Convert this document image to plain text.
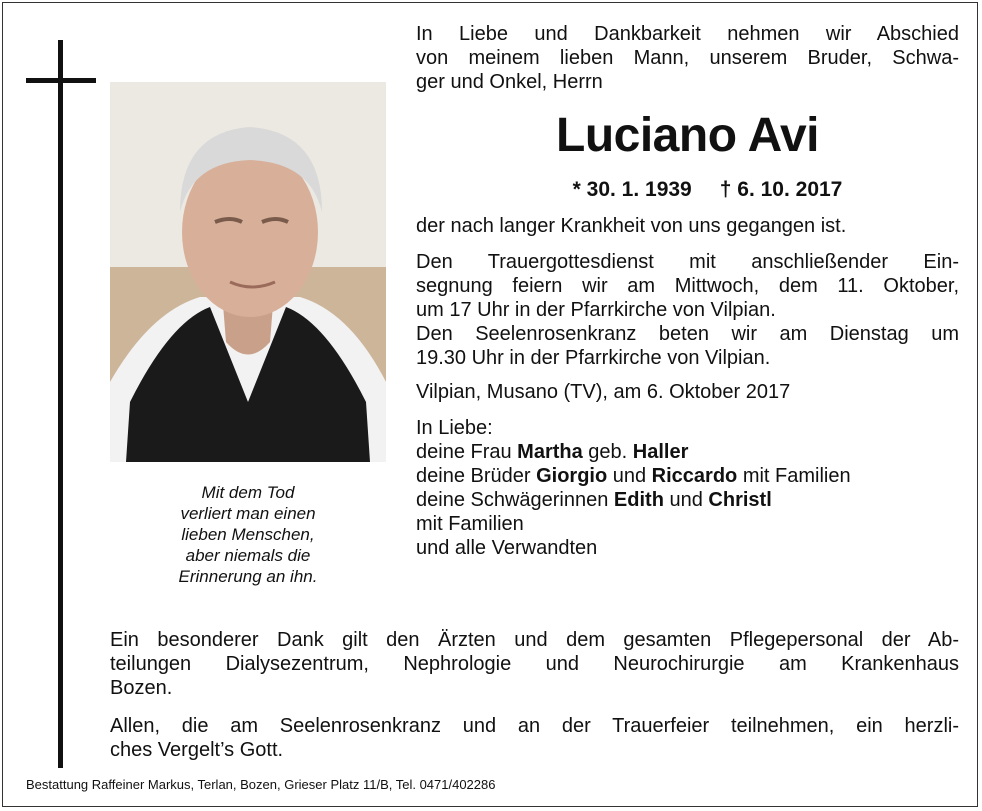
Mit dem Tod
verliert man einen
lieben Menschen,
aber niemals die
Erinnerung an ihn.
In Liebe und Dankbarkeit nehmen wir Abschied
von meinem lieben Mann, unserem Bruder, Schwa-
ger und Onkel, Herrn
Luciano Avi
* 30. 1. 1939 † 6. 10. 2017
der nach langer Krankheit von uns gegangen ist.
Den Trauergottesdienst mit anschließender Ein-
segnung feiern wir am Mittwoch, dem 11. Oktober,
um 17 Uhr in der Pfarrkirche von Vilpian.
Den Seelenrosenkranz beten wir am Dienstag um
19.30 Uhr in der Pfarrkirche von Vilpian.
Vilpian, Musano (TV), am 6. Oktober 2017
In Liebe:
deine Frau Martha geb. Haller
deine Brüder Giorgio und Riccardo mit Familien
deine Schwägerinnen Edith und Christl
mit Familien
und alle Verwandten
Ein besonderer Dank gilt den Ärzten und dem gesamten Pflegepersonal der Ab-
teilungen Dialysezentrum, Nephrologie und Neurochirurgie am Krankenhaus
Bozen.
Allen, die am Seelenrosenkranz und an der Trauerfeier teilnehmen, ein herzli-
ches Vergelt’s Gott.
Bestattung Raffeiner Markus, Terlan, Bozen, Grieser Platz 11/B, Tel. 0471/402286
